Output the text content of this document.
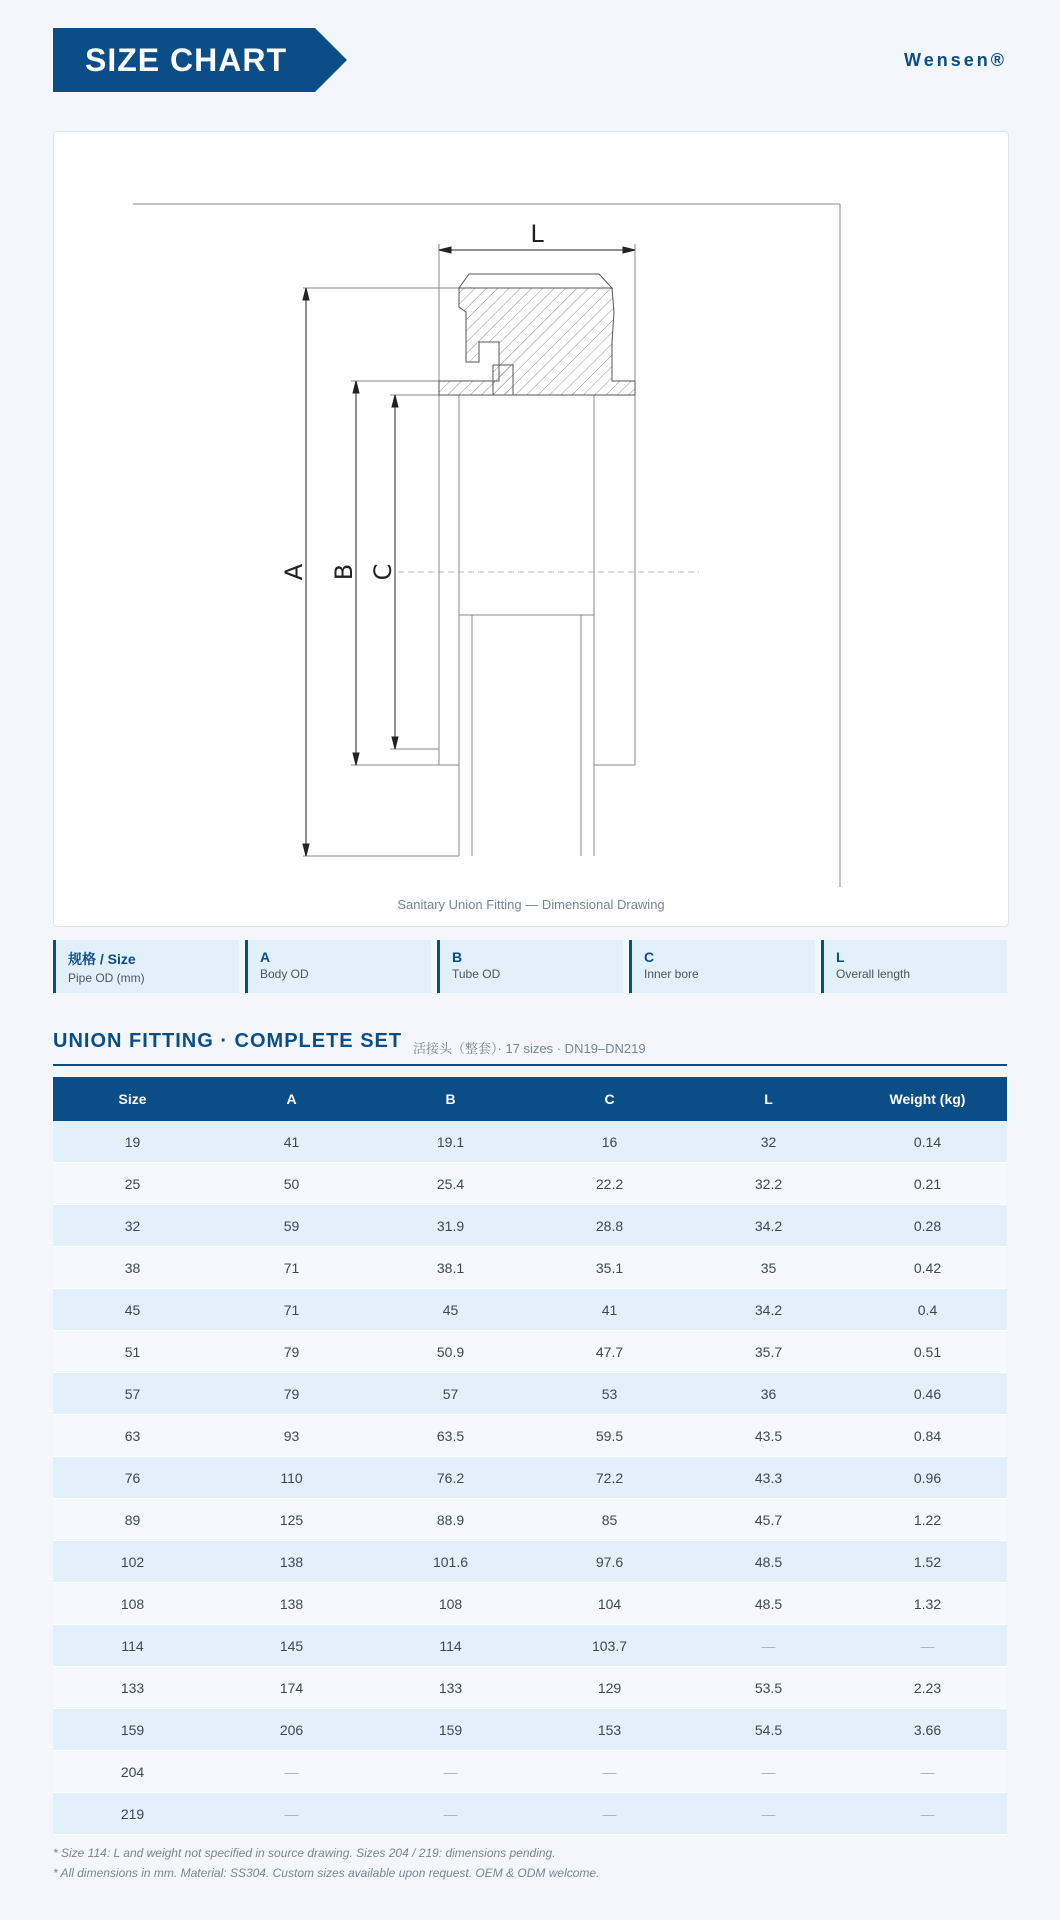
SIZE CHART	Wensen®
L
A B C
Sanitary Union Fitting — Dimensional Drawing
规格 / Size
Pipe OD (mm)
A
Body OD
B
Tube OD
C
Inner bore
L
Overall length
UNION FITTING · COMPLETE SET 活接头（整套）· 17 sizes · DN19–DN219
Size	A	B	C	L	Weight (kg)
19	41	19.1	16	32	0.14
25	50	25.4	22.2	32.2	0.21
32	59	31.9	28.8	34.2	0.28
38	71	38.1	35.1	35	0.42
45	71	45	41	34.2	0.4
51	79	50.9	47.7	35.7	0.51
57	79	57	53	36	0.46
63	93	63.5	59.5	43.5	0.84
76	110	76.2	72.2	43.3	0.96
89	125	88.9	85	45.7	1.22
102	138	101.6	97.6	48.5	1.52
108	138	108	104	48.5	1.32
114	145	114	103.7	—	—
133	174	133	129	53.5	2.23
159	206	159	153	54.5	3.66
204	—	—	—	—	—
219	—	—	—	—	—
* Size 114: L and weight not specified in source drawing. Sizes 204 / 219: dimensions pending.
* All dimensions in mm. Material: SS304. Custom sizes available upon request. OEM & ODM welcome.
